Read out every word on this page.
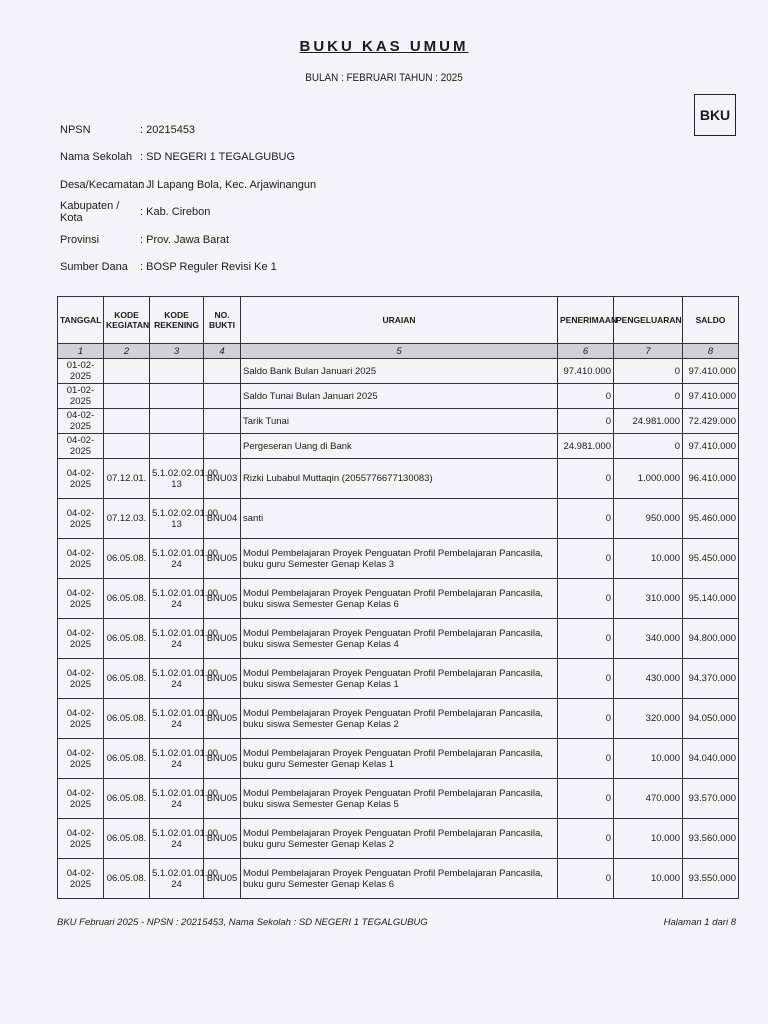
BUKU KAS UMUM
BULAN : FEBRUARI TAHUN : 2025
BKU
NPSN	: 20215453
Nama Sekolah : SD NEGERI 1 TEGALGUBUG
Desa/Kecamatan
: Jl Lapang Bola, Kec. Arjawinangun
Kabupaten / Kota	: Kab. Cirebon
Provinsi	: Prov. Jawa Barat
Sumber Dana	: BOSP Reguler Revisi Ke 1
TANGGAL	KODE KEGIATAN	KODE REKENING	NO. BUKTI	URAIAN	PENERIMAAN	PENGELUARAN	SALDO
1	2	3	4	5	6	7	8
01-02-2025				Saldo Bank Bulan Januari 2025	97.410.000	0	97.410.000
01-02-2025				Saldo Tunai Bulan Januari 2025	0	0	97.410.000
04-02-2025				Tarik Tunai	0	24.981.000	72.429.000
04-02-2025				Pergeseran Uang di Bank	24.981.000	0	97.410.000
04-02-2025	07.12.01.	5.1.02.02.01.00 13	BNU03	Rizki Lubabul Muttaqin (2055776677130083)	0	1.000.000	96.410.000
04-02-2025	07.12.03.	5.1.02.02.01.00 13	BNU04	santi	0	950.000	95.460.000
04-02-2025	06.05.08.	5.1.02.01.01.00 24	BNU05	Modul Pembelajaran Proyek Penguatan Profil Pembelajaran Pancasila, buku guru Semester Genap Kelas 3	0	10.000	95.450.000
04-02-2025	06.05.08.	5.1.02.01.01.00 24	BNU05	Modul Pembelajaran Proyek Penguatan Profil Pembelajaran Pancasila, buku siswa Semester Genap Kelas 6	0	310.000	95.140.000
04-02-2025	06.05.08.	5.1.02.01.01.00 24	BNU05	Modul Pembelajaran Proyek Penguatan Profil Pembelajaran Pancasila, buku siswa Semester Genap Kelas 4	0	340.000	94.800.000
04-02-2025	06.05.08.	5.1.02.01.01.00 24	BNU05	Modul Pembelajaran Proyek Penguatan Profil Pembelajaran Pancasila, buku siswa Semester Genap Kelas 1	0	430.000	94.370.000
04-02-2025	06.05.08.	5.1.02.01.01.00 24	BNU05	Modul Pembelajaran Proyek Penguatan Profil Pembelajaran Pancasila, buku siswa Semester Genap Kelas 2	0	320.000	94.050.000
04-02-2025	06.05.08.	5.1.02.01.01.00 24	BNU05	Modul Pembelajaran Proyek Penguatan Profil Pembelajaran Pancasila, buku guru Semester Genap Kelas 1	0	10.000	94.040.000
04-02-2025	06.05.08.	5.1.02.01.01.00 24	BNU05	Modul Pembelajaran Proyek Penguatan Profil Pembelajaran Pancasila, buku siswa Semester Genap Kelas 5	0	470.000	93.570.000
04-02-2025	06.05.08.	5.1.02.01.01.00 24	BNU05	Modul Pembelajaran Proyek Penguatan Profil Pembelajaran Pancasila, buku guru Semester Genap Kelas 2	0	10.000	93.560.000
04-02-2025	06.05.08.	5.1.02.01.01.00 24	BNU05	Modul Pembelajaran Proyek Penguatan Profil Pembelajaran Pancasila, buku guru Semester Genap Kelas 6	0	10.000	93.550.000
BKU Februari 2025 - NPSN : 20215453, Nama Sekolah : SD NEGERI 1 TEGALGUBUG	Halaman 1 dari 8
